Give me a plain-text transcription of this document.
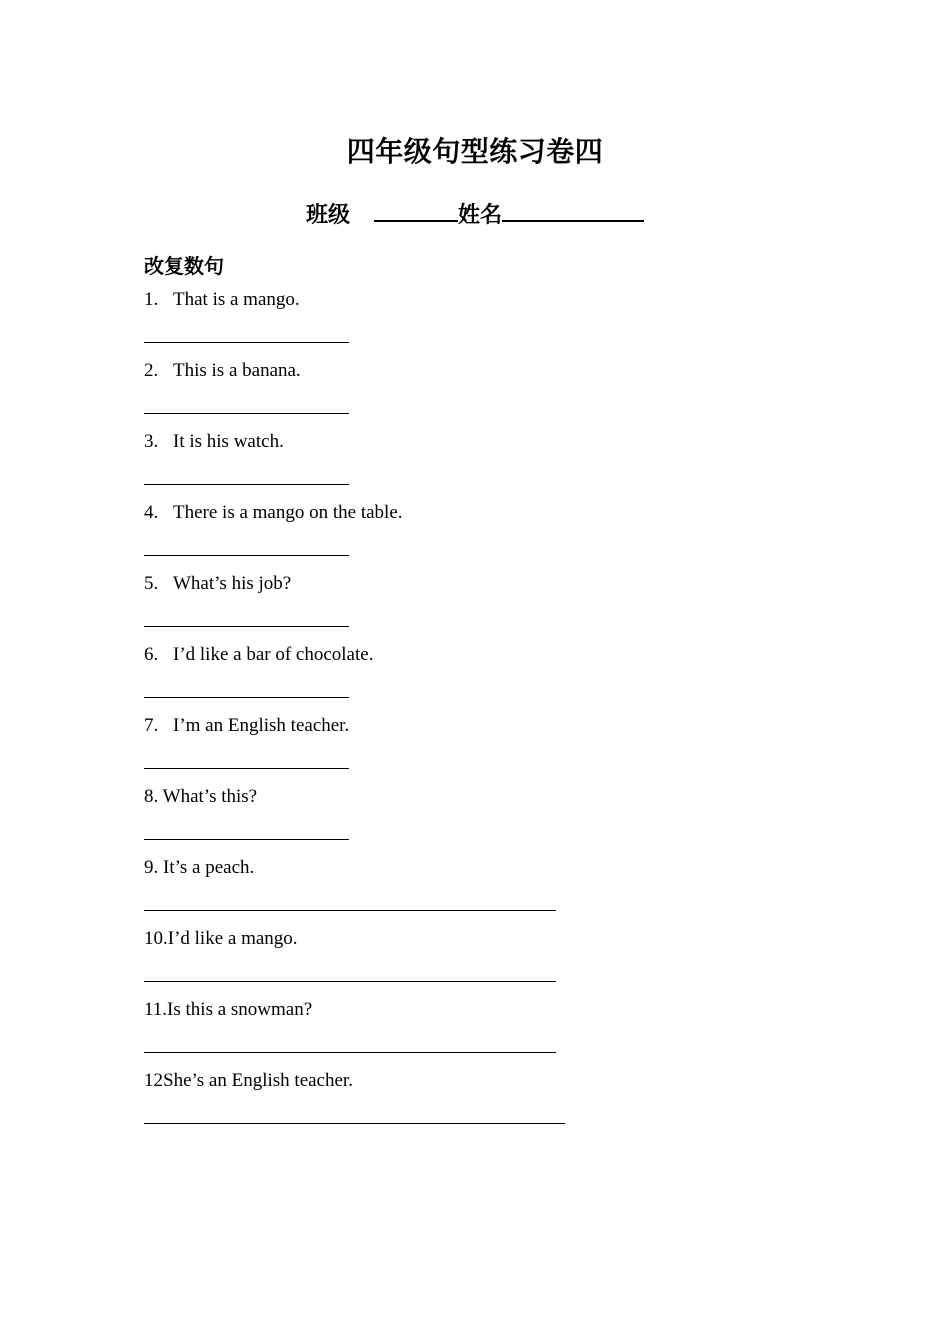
四年级句型练习卷四
班级	姓名
改复数句
1. That is a mango.
2. This is a banana.
3. It is his watch.
4. There is a mango on the table.
5. What’s his job?
6. I’d like a bar of chocolate.
7. I’m an English teacher.
8. What’s this?
9. It’s a peach.
10.I’d like a mango.
11.Is this a snowman?
12She’s an English teacher.
